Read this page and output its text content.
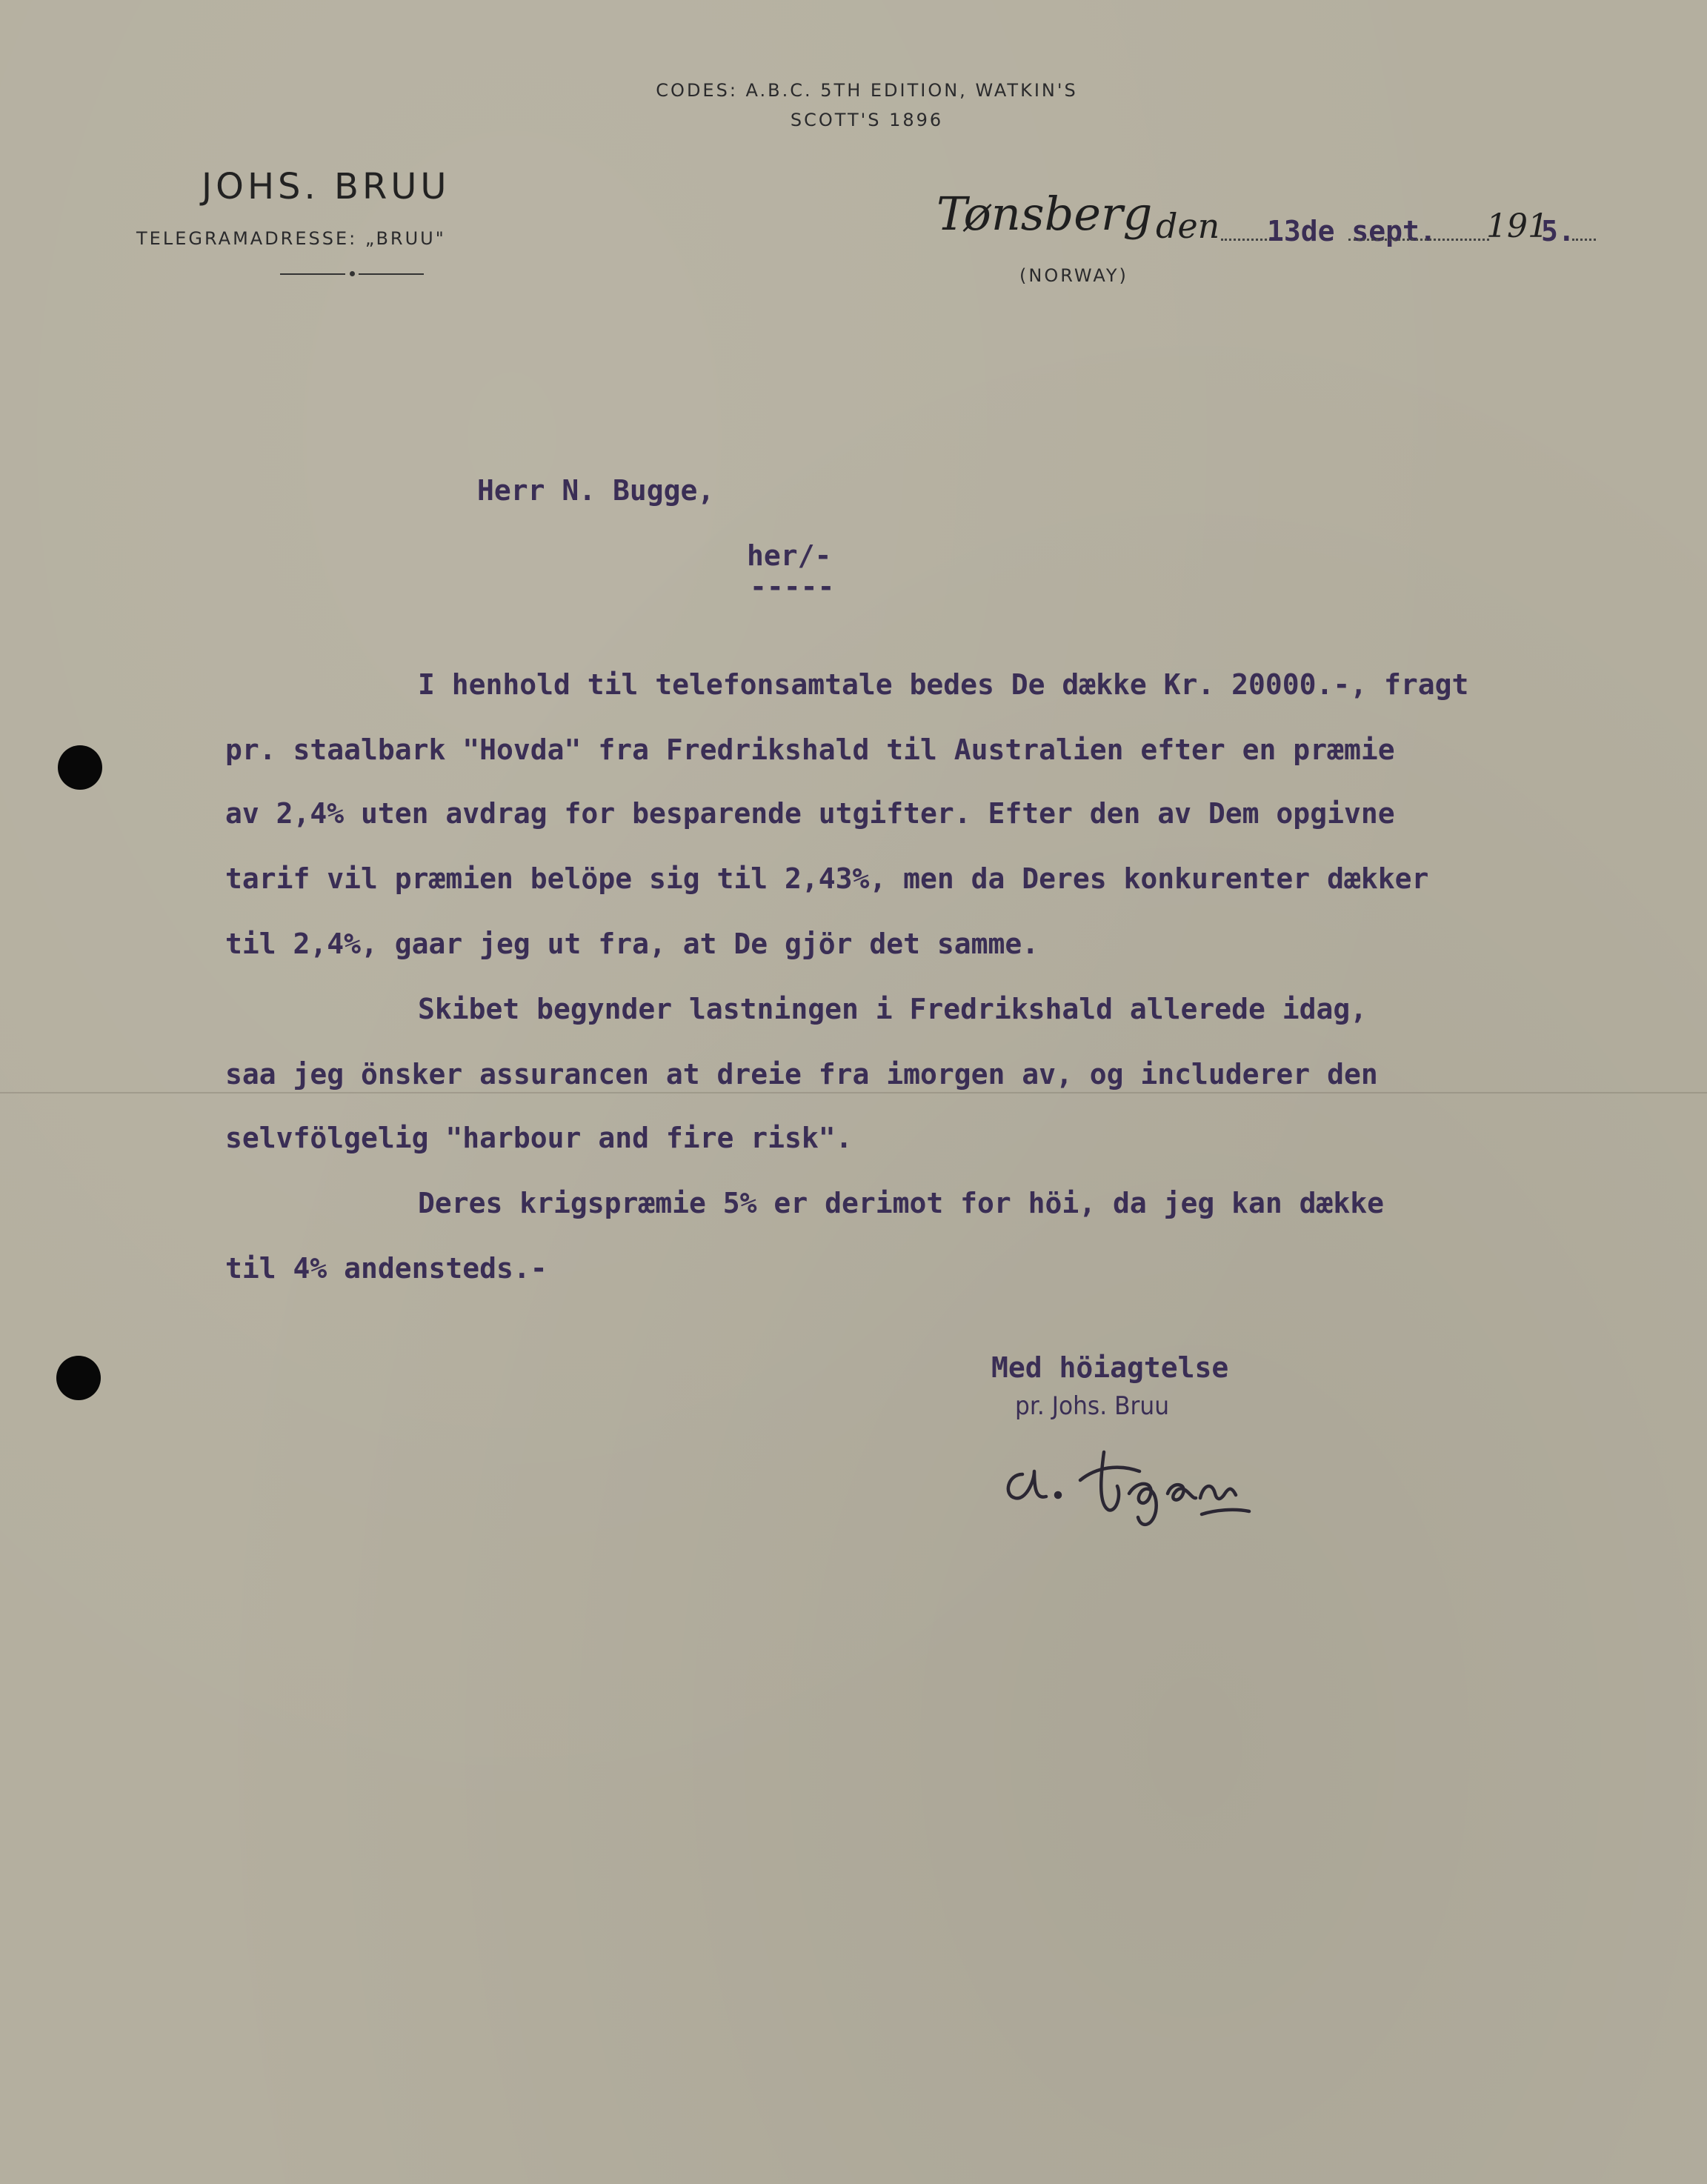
CODES: A.B.C. 5TH EDITION, WATKIN'S
SCOTT'S 1896
JOHS. BRUU
TELEGRAMADRESSE: „BRUU"	Tønsberg den 13de sept. 191
5.
(NORWAY)
Herr N. Bugge,
her/-
-----
I henhold til telefonsamtale bedes De dække Kr. 20000.-, fragt
pr. staalbark "Hovda" fra Fredrikshald til Australien efter en præmie
av 2,4% uten avdrag for besparende utgifter. Efter den av Dem opgivne
tarif vil præmien belöpe sig til 2,43%, men da Deres konkurenter dækker
til 2,4%, gaar jeg ut fra, at De gjör det samme.
Skibet begynder lastningen i Fredrikshald allerede idag,
saa jeg önsker assurancen at dreie fra imorgen av, og includerer den
selvfölgelig "harbour and fire risk".
Deres krigspræmie 5% er derimot for höi, da jeg kan dække
til 4% andensteds.-
Med höiagtelse
pr. Johs. Bruu
